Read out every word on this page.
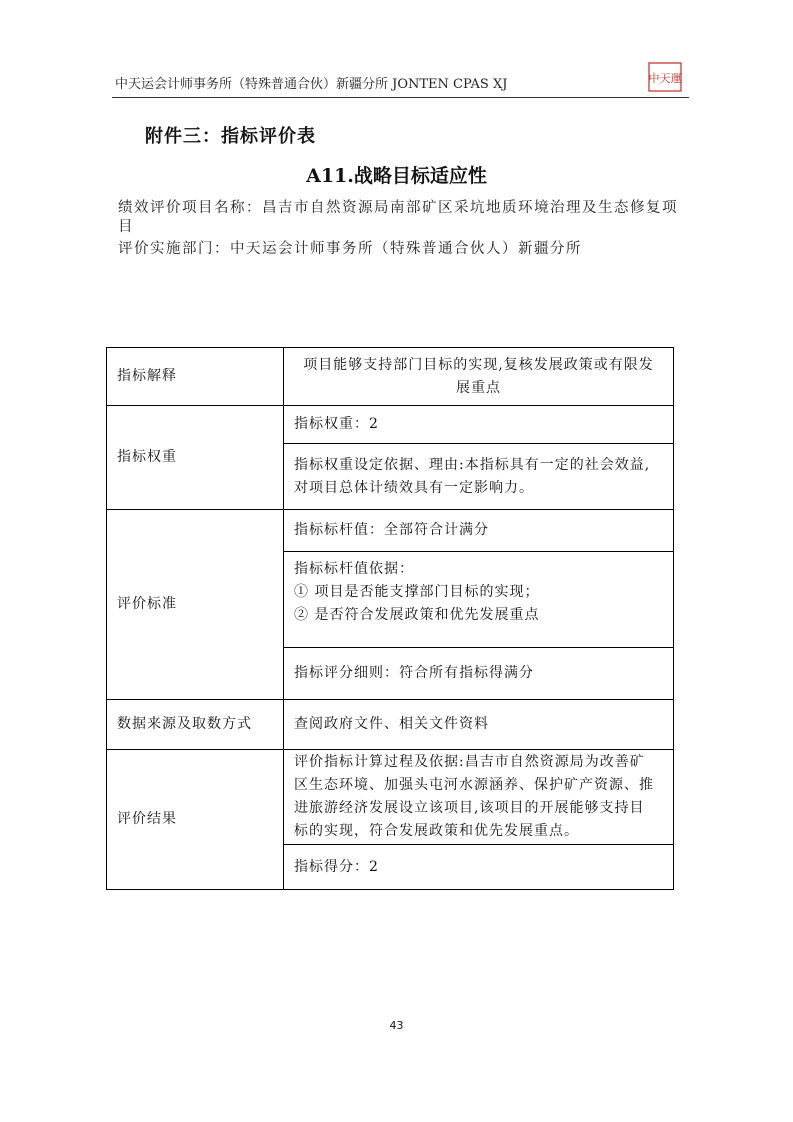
中天运会计师事务所（特殊普通合伙）新疆分所 JONTEN CPAS XJ	中天運
附件三：指标评价表
A11.战略目标适应性
绩效评价项目名称：昌吉市自然资源局南部矿区采坑地质环境治理及生态修复项目
评价实施部门：中天运会计师事务所（特殊普通合伙人）新疆分所
指标解释	项目能够支持部门目标的实现,复核发展政策或有限发
展重点

指标权重	指标权重：2

	指标权重设定依据、理由:本指标具有一定的社会效益,
对项目总体计绩效具有一定影响力。

评价标准	指标标杆值：全部符合计满分

	指标标杆值依据：
① 项目是否能支撑部门目标的实现；
② 是否符合发展政策和优先发展重点

	指标评分细则：符合所有指标得满分
数据来源及取数方式	查阅政府文件、相关文件资料
评价结果	评价指标计算过程及依据:昌吉市自然资源局为改善矿
区生态环境、加强头屯河水源涵养、保护矿产资源、推
进旅游经济发展设立该项目,该项目的开展能够支持目
标的实现，符合发展政策和优先发展重点。

	指标得分：2
43
